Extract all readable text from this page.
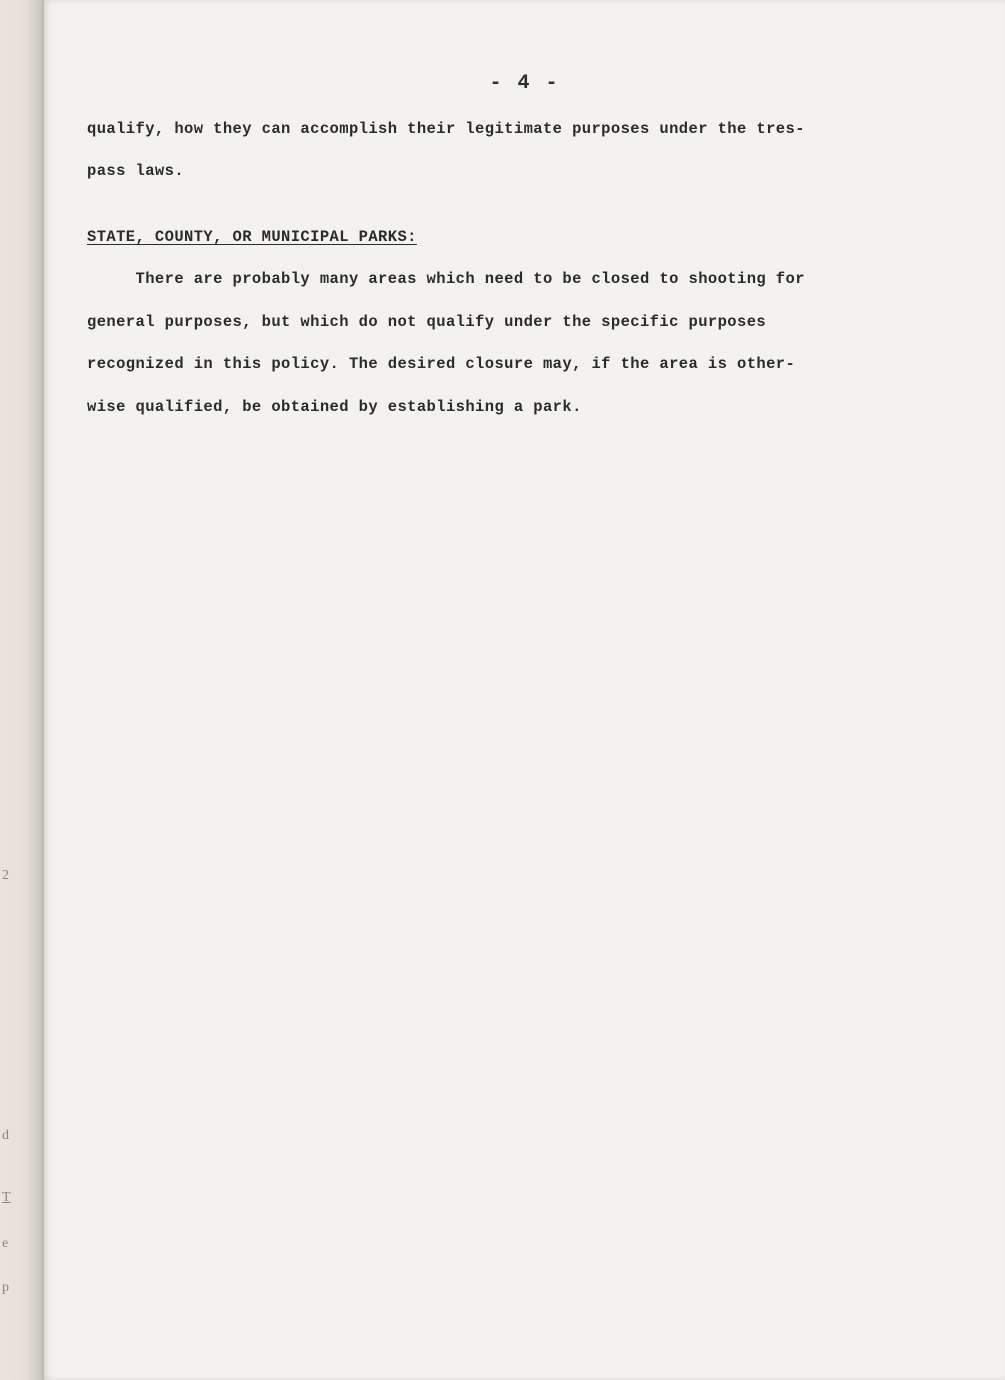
2
d
T
e
p
- 4 -
qualify, how they can accomplish their legitimate purposes under the tres-
pass laws.
STATE, COUNTY, OR MUNICIPAL PARKS:
There are probably many areas which need to be closed to shooting for
general purposes, but which do not qualify under the specific purposes
recognized in this policy. The desired closure may, if the area is other-
wise qualified, be obtained by establishing a park.
